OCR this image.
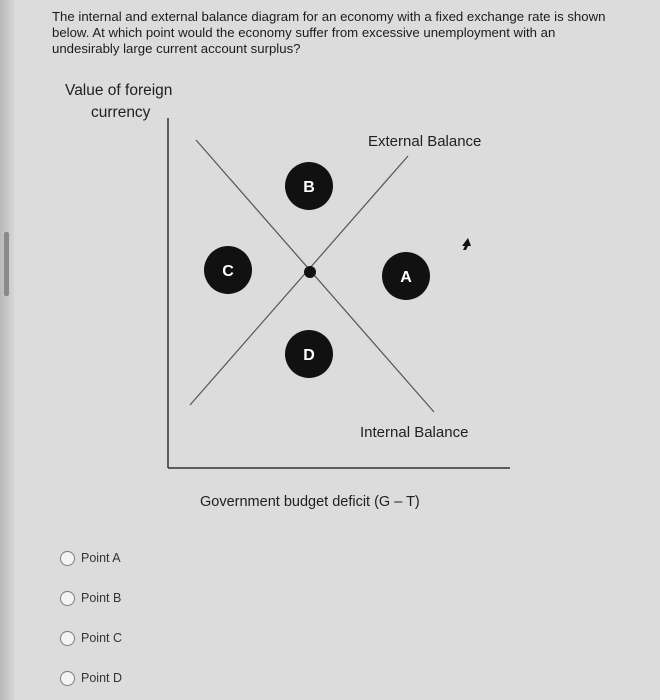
The internal and external balance diagram for an economy with a fixed exchange rate is shown below. At which point would the economy suffer from excessive unemployment with an undesirably large current account surplus?
Value of foreign
currency
Government budget deficit (G – T)
External Balance
Internal Balance
B
C	A
D
Point A
Point B
Point C
Point D
